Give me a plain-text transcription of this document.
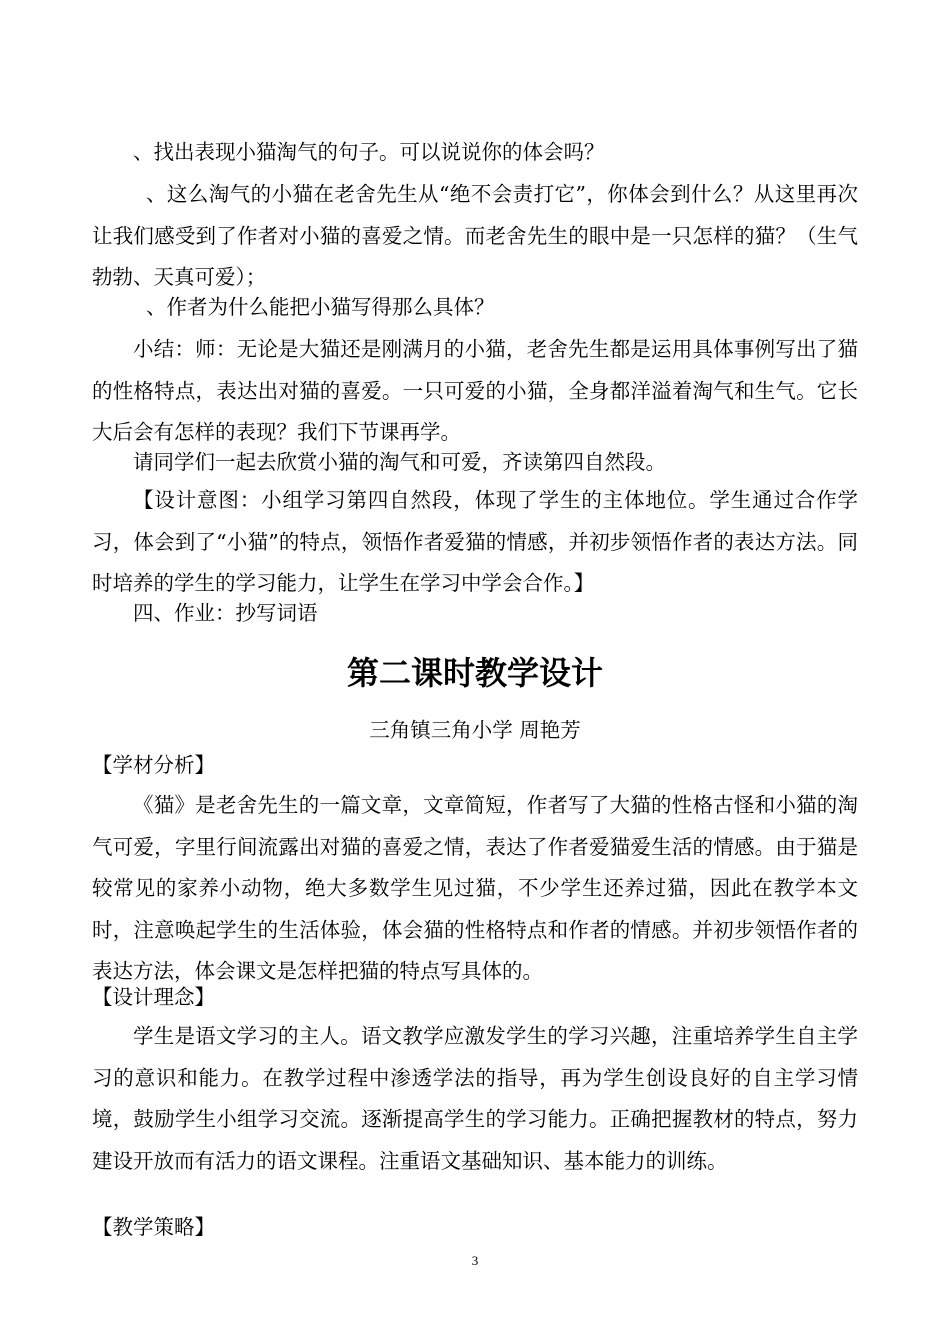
、找出表现小猫淘气的句子。可以说说你的体会吗？

、这么淘气的小猫在老舍先生从“绝不会责打它”，你体会到什么？从这里再次让我们感受到了作者对小猫的喜爱之情。而老舍先生的眼中是一只怎样的猫？（生气勃勃、天真可爱）；

、作者为什么能把小猫写得那么具体？

小结：师：无论是大猫还是刚满月的小猫，老舍先生都是运用具体事例写出了猫的性格特点，表达出对猫的喜爱。一只可爱的小猫，全身都洋溢着淘气和生气。它长大后会有怎样的表现？我们下节课再学。

请同学们一起去欣赏小猫的淘气和可爱，齐读第四自然段。

【设计意图：小组学习第四自然段，体现了学生的主体地位。学生通过合作学习，体会到了“小猫”的特点，领悟作者爱猫的情感，并初步领悟作者的表达方法。同时培养的学生的学习能力，让学生在学习中学会合作。】

四、作业：抄写词语

第二课时教学设计

三角镇三角小学 周艳芳

【学材分析】

《猫》是老舍先生的一篇文章，文章简短，作者写了大猫的性格古怪和小猫的淘气可爱，字里行间流露出对猫的喜爱之情，表达了作者爱猫爱生活的情感。由于猫是较常见的家养小动物，绝大多数学生见过猫，不少学生还养过猫，因此在教学本文时，注意唤起学生的生活体验，体会猫的性格特点和作者的情感。并初步领悟作者的表达方法，体会课文是怎样把猫的特点写具体的。

【设计理念】

学生是语文学习的主人。语文教学应激发学生的学习兴趣，注重培养学生自主学习的意识和能力。在教学过程中渗透学法的指导，再为学生创设良好的自主学习情境，鼓励学生小组学习交流。逐渐提高学生的学习能力。正确把握教材的特点，努力建设开放而有活力的语文课程。注重语文基础知识、基本能力的训练。

【教学策略】

3
